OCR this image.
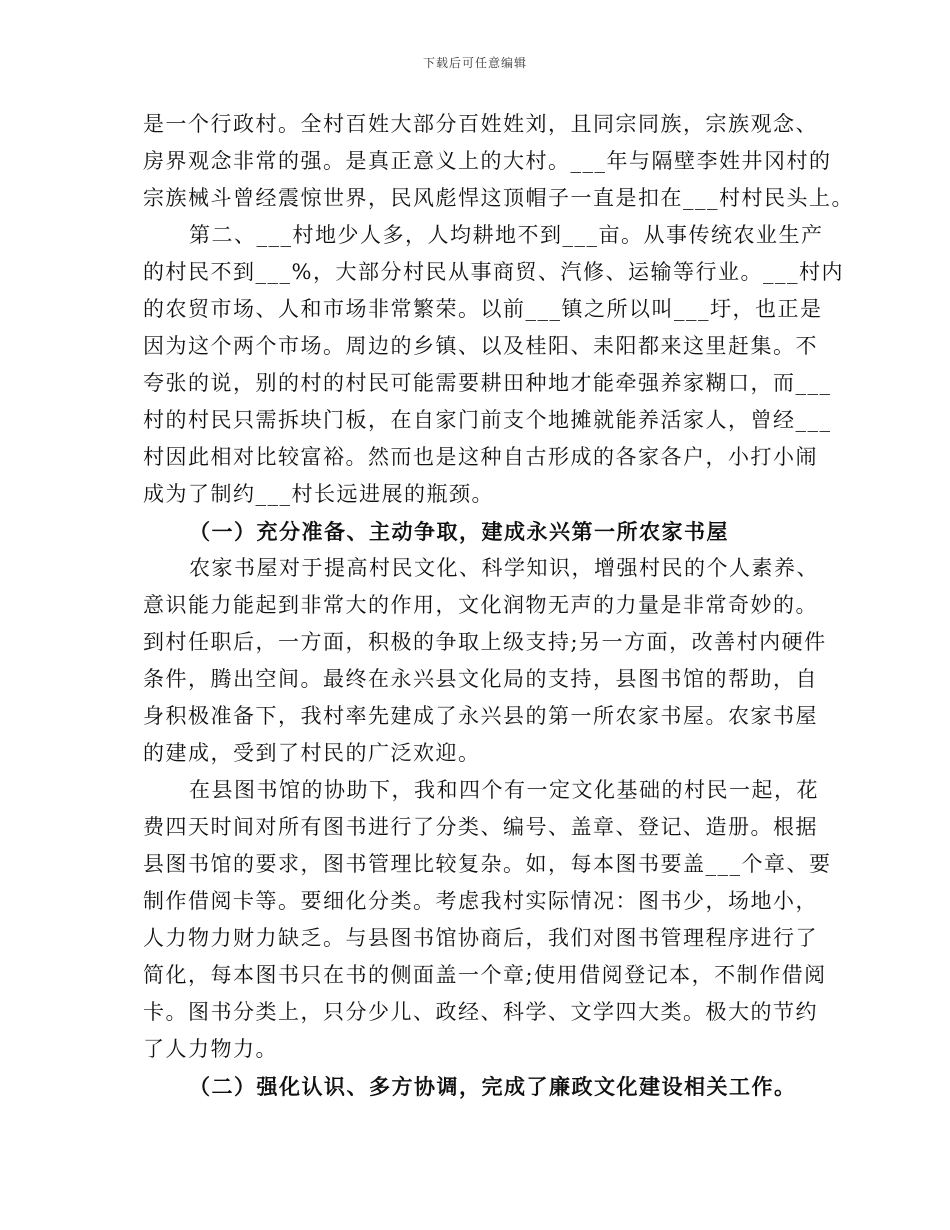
下载后可任意编辑
是一个行政村。全村百姓大部分百姓姓刘，且同宗同族，宗族观念、
房界观念非常的强。是真正意义上的大村。___年与隔壁李姓井冈村的
宗族械斗曾经震惊世界，民风彪悍这顶帽子一直是扣在___村村民头上。
第二、___村地少人多，人均耕地不到___亩。从事传统农业生产
的村民不到___%，大部分村民从事商贸、汽修、运输等行业。___村内
的农贸市场、人和市场非常繁荣。以前___镇之所以叫___圩，也正是
因为这个两个市场。周边的乡镇、以及桂阳、耒阳都来这里赶集。不
夸张的说，别的村的村民可能需要耕田种地才能牵强养家糊口，而___
村的村民只需拆块门板，在自家门前支个地摊就能养活家人，曾经___
村因此相对比较富裕。然而也是这种自古形成的各家各户，小打小闹
成为了制约___村长远进展的瓶颈。
（一）充分准备、主动争取，建成永兴第一所农家书屋
农家书屋对于提高村民文化、科学知识，增强村民的个人素养、
意识能力能起到非常大的作用，文化润物无声的力量是非常奇妙的。
到村任职后，一方面，积极的争取上级支持;另一方面，改善村内硬件
条件，腾出空间。最终在永兴县文化局的支持，县图书馆的帮助，自
身积极准备下，我村率先建成了永兴县的第一所农家书屋。农家书屋
的建成，受到了村民的广泛欢迎。
在县图书馆的协助下，我和四个有一定文化基础的村民一起，花
费四天时间对所有图书进行了分类、编号、盖章、登记、造册。根据
县图书馆的要求，图书管理比较复杂。如，每本图书要盖___个章、要
制作借阅卡等。要细化分类。考虑我村实际情况：图书少，场地小，
人力物力财力缺乏。与县图书馆协商后，我们对图书管理程序进行了
简化，每本图书只在书的侧面盖一个章;使用借阅登记本，不制作借阅
卡。图书分类上，只分少儿、政经、科学、文学四大类。极大的节约
了人力物力。
（二）强化认识、多方协调，完成了廉政文化建设相关工作。
